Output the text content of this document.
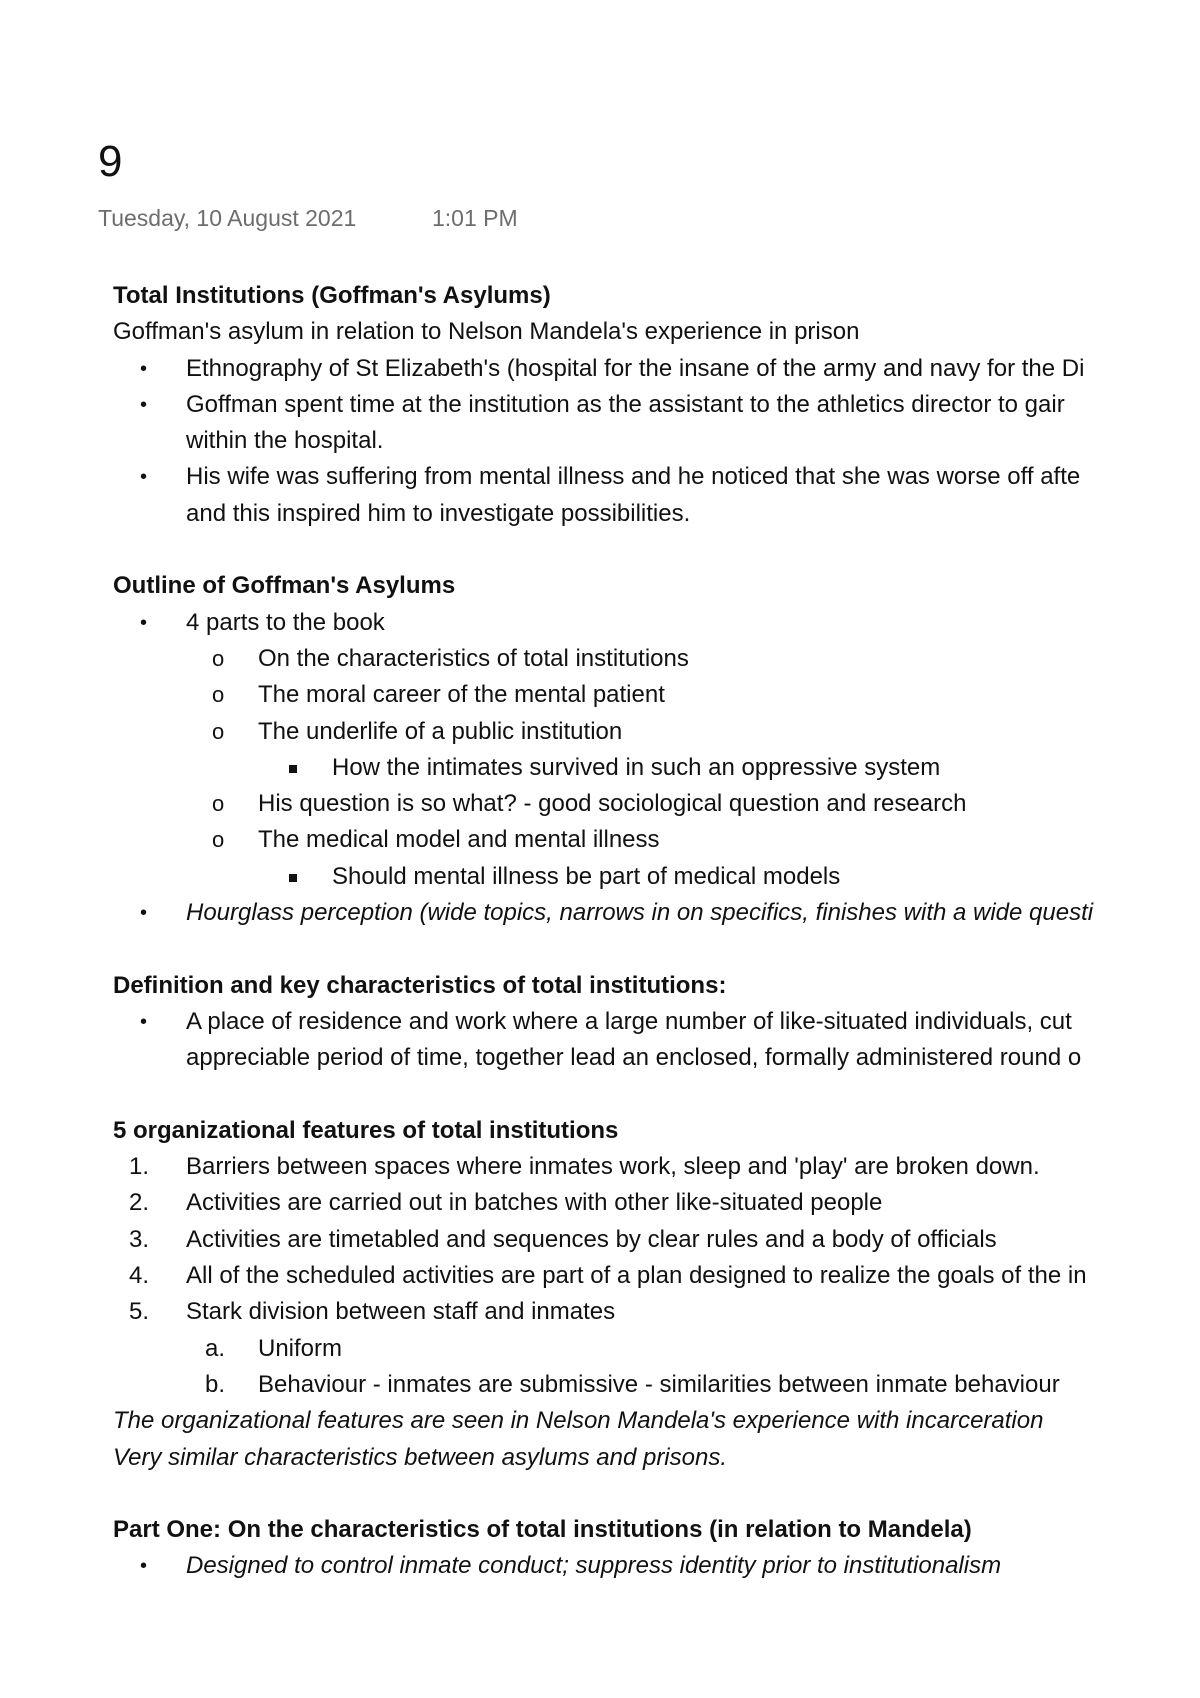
9
Tuesday, 10 August 2021	1:01 PM
Total Institutions (Goffman's Asylums)
Goffman's asylum in relation to Nelson Mandela's experience in prison
• Ethnography of St Elizabeth's (hospital for the insane of the army and navy for the Di
• Goffman spent time at the institution as the assistant to the athletics director to gair
within the hospital.
• His wife was suffering from mental illness and he noticed that she was worse off afte
and this inspired him to investigate possibilities.
Outline of Goffman's Asylums
• 4 parts to the book
o On the characteristics of total institutions
o The moral career of the mental patient
o The underlife of a public institution
How the intimates survived in such an oppressive system
o His question is so what? - good sociological question and research
o The medical model and mental illness
Should mental illness be part of medical models
• Hourglass perception (wide topics, narrows in on specifics, finishes with a wide questi
Definition and key characteristics of total institutions:
• A place of residence and work where a large number of like-situated individuals, cut
appreciable period of time, together lead an enclosed, formally administered round o
5 organizational features of total institutions
1. Barriers between spaces where inmates work, sleep and 'play' are broken down.
2. Activities are carried out in batches with other like-situated people
3. Activities are timetabled and sequences by clear rules and a body of officials
4. All of the scheduled activities are part of a plan designed to realize the goals of the in
5. Stark division between staff and inmates
a. Uniform
b. Behaviour - inmates are submissive - similarities between inmate behaviour
The organizational features are seen in Nelson Mandela's experience with incarceration
Very similar characteristics between asylums and prisons.
Part One: On the characteristics of total institutions (in relation to Mandela)
• Designed to control inmate conduct; suppress identity prior to institutionalism
